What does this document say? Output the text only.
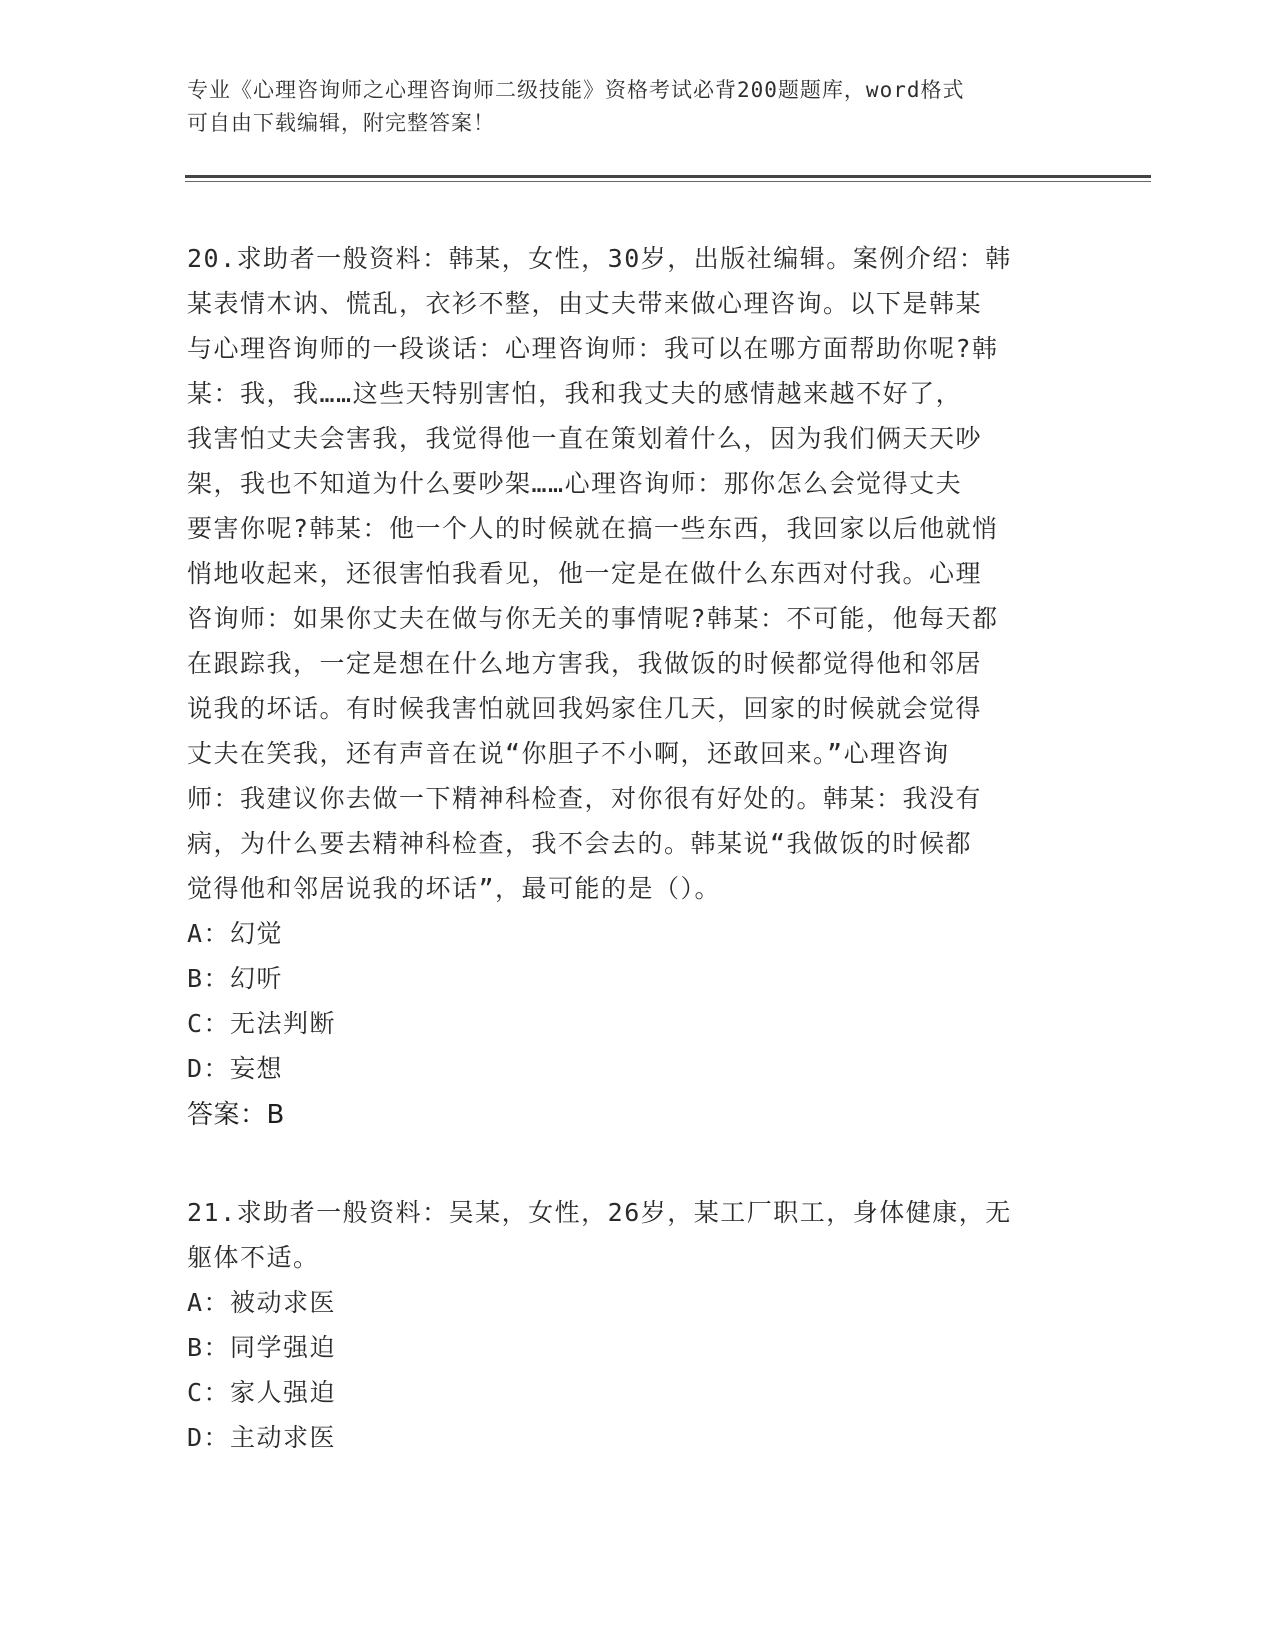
专业《心理咨询师之心理咨询师二级技能》资格考试必背200题题库，word格式
可自由下载编辑，附完整答案！
20.求助者一般资料：韩某，女性，30岁，出版社编辑。案例介绍：韩
某表情木讷、慌乱，衣衫不整，由丈夫带来做心理咨询。以下是韩某
与心理咨询师的一段谈话：心理咨询师：我可以在哪方面帮助你呢?韩
某：我，我……这些天特别害怕，我和我丈夫的感情越来越不好了，
我害怕丈夫会害我，我觉得他一直在策划着什么，因为我们俩天天吵
架，我也不知道为什么要吵架……心理咨询师：那你怎么会觉得丈夫
要害你呢?韩某：他一个人的时候就在搞一些东西，我回家以后他就悄
悄地收起来，还很害怕我看见，他一定是在做什么东西对付我。心理
咨询师：如果你丈夫在做与你无关的事情呢?韩某：不可能，他每天都
在跟踪我，一定是想在什么地方害我，我做饭的时候都觉得他和邻居
说我的坏话。有时候我害怕就回我妈家住几天，回家的时候就会觉得
丈夫在笑我，还有声音在说“你胆子不小啊，还敢回来。”心理咨询
师：我建议你去做一下精神科检查，对你很有好处的。韩某：我没有
病，为什么要去精神科检查，我不会去的。韩某说“我做饭的时候都
觉得他和邻居说我的坏话”，最可能的是（）。
A：幻觉
B：幻听
C：无法判断
D：妄想
答案：B
21.求助者一般资料：吴某，女性，26岁，某工厂职工，身体健康，无
躯体不适。
A：被动求医
B：同学强迫
C：家人强迫
D：主动求医
